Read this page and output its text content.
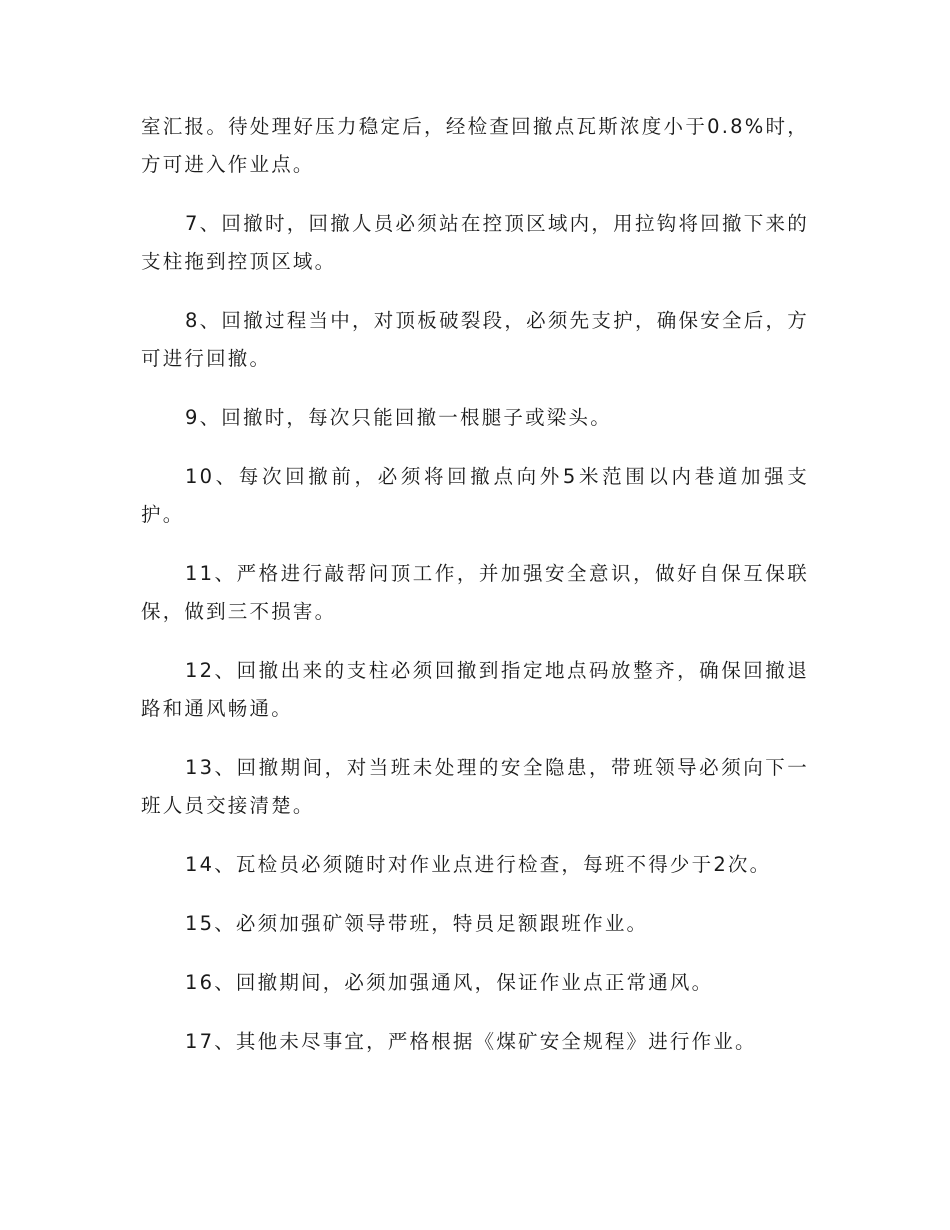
室汇报。待处理好压力稳定后，经检查回撤点瓦斯浓度小于0.8%时，方可进入作业点。

7、回撤时，回撤人员必须站在控顶区域内，用拉钩将回撤下来的支柱拖到控顶区域。

8、回撤过程当中，对顶板破裂段，必须先支护，确保安全后，方可进行回撤。

9、回撤时，每次只能回撤一根腿子或梁头。

10、每次回撤前，必须将回撤点向外5米范围以内巷道加强支护。

11、严格进行敲帮问顶工作，并加强安全意识，做好自保互保联保，做到三不损害。

12、回撤出来的支柱必须回撤到指定地点码放整齐，确保回撤退路和通风畅通。

13、回撤期间，对当班未处理的安全隐患，带班领导必须向下一班人员交接清楚。

14、瓦检员必须随时对作业点进行检查，每班不得少于2次。

15、必须加强矿领导带班，特员足额跟班作业。

16、回撤期间，必须加强通风，保证作业点正常通风。

17、其他未尽事宜，严格根据《煤矿安全规程》进行作业。
